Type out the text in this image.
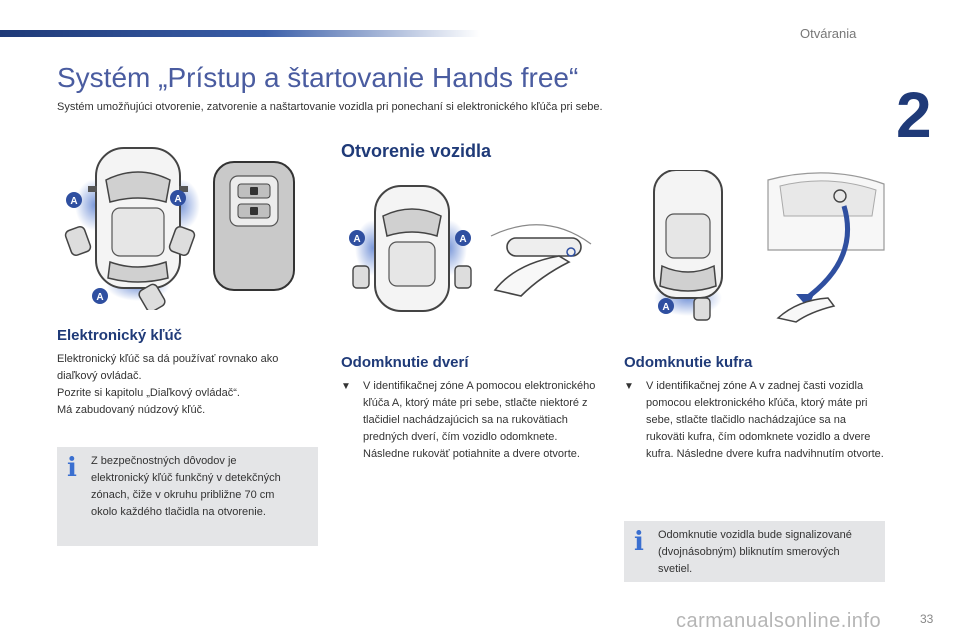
Otvárania
2
Systém „Prístup a štartovanie Hands free“
Systém umožňujúci otvorenie, zatvorenie a naštartovanie vozidla pri ponechaní si elektronického kľúča pri sebe.
A	A
A
Elektronický kľúč
Elektronický kľúč sa dá používať rovnako ako
diaľkový ovládač.
Pozrite si kapitolu „Diaľkový ovládač“.
Má zabudovaný núdzový kľúč.
i Z bezpečnostných dôvodov je
elektronický kľúč funkčný v detekčných
zónach, čiže v okruhu približne 70 cm
okolo každého tlačidla na otvorenie.
Otvorenie vozidla
A	A
Odomknutie dverí
▼	V identifikačnej zóne A pomocou elektronického kľúča A, ktorý máte pri sebe, stlačte niektoré z tlačidiel nachádzajúcich sa na rukovätiach predných dverí, čím vozidlo odomknete. Následne rukoväť potiahnite a dvere otvorte.
A
Odomknutie kufra
▼	V identifikačnej zóne A v zadnej časti vozidla pomocou elektronického kľúča, ktorý máte pri sebe, stlačte tlačidlo nachádzajúce sa na rukoväti kufra, čím odomknete vozidlo a dvere kufra. Následne dvere kufra nadvihnutím otvorte.
i Odomknutie vozidla bude signalizované
(dvojnásobným) bliknutím smerových
svetiel.
carmanualsonline.info	33
